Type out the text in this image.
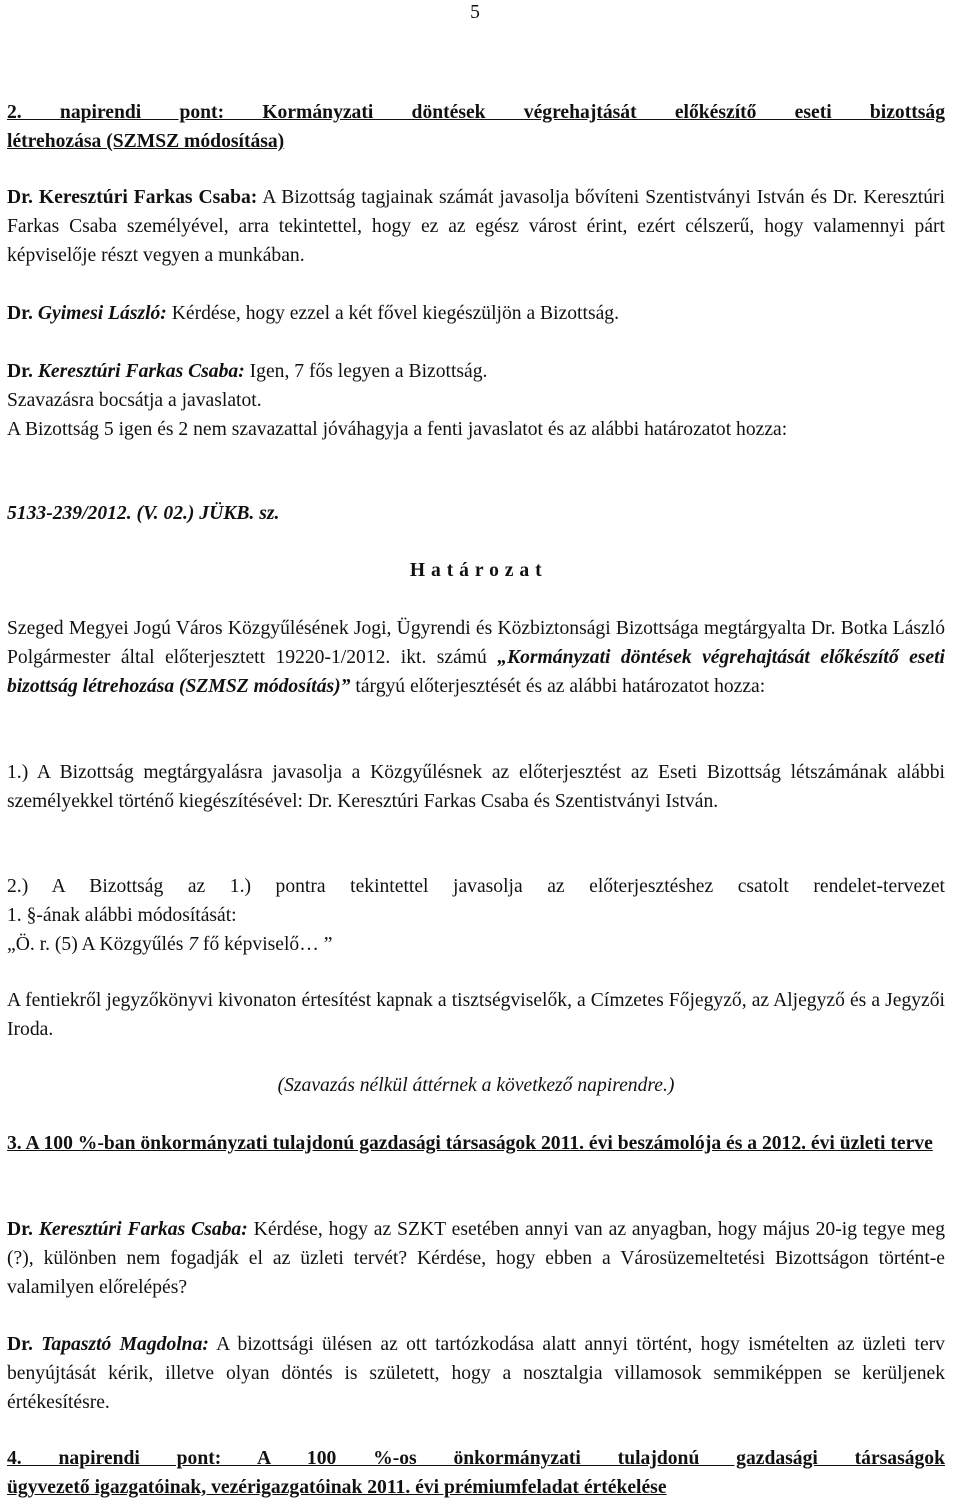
5

2. napirendi pont: Kormányzati döntések végrehajtását előkészítő eseti bizottság

létrehozása (SZMSZ módosítása)

Dr. Keresztúri Farkas Csaba: A Bizottság tagjainak számát javasolja bővíteni Szentistványi István és Dr. Keresztúri Farkas Csaba személyével, arra tekintettel, hogy ez az egész várost érint, ezért célszerű, hogy valamennyi párt képviselője részt vegyen a munkában.

Dr. Gyimesi László: Kérdése, hogy ezzel a két fővel kiegészüljön a Bizottság.

Dr. Keresztúri Farkas Csaba: Igen, 7 fős legyen a Bizottság.

Szavazásra bocsátja a javaslatot.

A Bizottság 5 igen és 2 nem szavazattal jóváhagyja a fenti javaslatot és az alábbi határozatot hozza:

5133-239/2012. (V. 02.) JÜKB. sz.

H a t á r o z a t

Szeged Megyei Jogú Város Közgyűlésének Jogi, Ügyrendi és Közbiztonsági Bizottsága megtárgyalta Dr. Botka László Polgármester által előterjesztett 19220-1/2012. ikt. számú „Kormányzati döntések végrehajtását előkészítő eseti bizottság létrehozása (SZMSZ módosítás)” tárgyú előterjesztését és az alábbi határozatot hozza:

1.) A Bizottság megtárgyalásra javasolja a Közgyűlésnek az előterjesztést az Eseti Bizottság létszámának alábbi személyekkel történő kiegészítésével: Dr. Keresztúri Farkas Csaba és Szentistványi István.

2.) A Bizottság az 1.) pontra tekintettel javasolja az előterjesztéshez csatolt rendelet-tervezet

1. §-ának alábbi módosítását:

„Ö. r. (5) A Közgyűlés 7 fő képviselő… ”

A fentiekről jegyzőkönyvi kivonaton értesítést kapnak a tisztségviselők, a Címzetes Főjegyző, az Aljegyző és a Jegyzői Iroda.

(Szavazás nélkül áttérnek a következő napirendre.)

3. A 100 %-ban önkormányzati tulajdonú gazdasági társaságok 2011. évi beszámolója és a 2012. évi üzleti terve

Dr. Keresztúri Farkas Csaba: Kérdése, hogy az SZKT esetében annyi van az anyagban, hogy május 20-ig tegye meg (?), különben nem fogadják el az üzleti tervét? Kérdése, hogy ebben a Városüzemeltetési Bizottságon történt-e valamilyen előrelépés?

Dr. Tapasztó Magdolna: A bizottsági ülésen az ott tartózkodása alatt annyi történt, hogy ismételten az üzleti terv benyújtását kérik, illetve olyan döntés is született, hogy a nosztalgia villamosok semmiképpen se kerüljenek értékesítésre.

4. napirendi pont: A 100 %-os önkormányzati tulajdonú gazdasági társaságok

ügyvezető igazgatóinak, vezérigazgatóinak 2011. évi prémiumfeladat értékelése
